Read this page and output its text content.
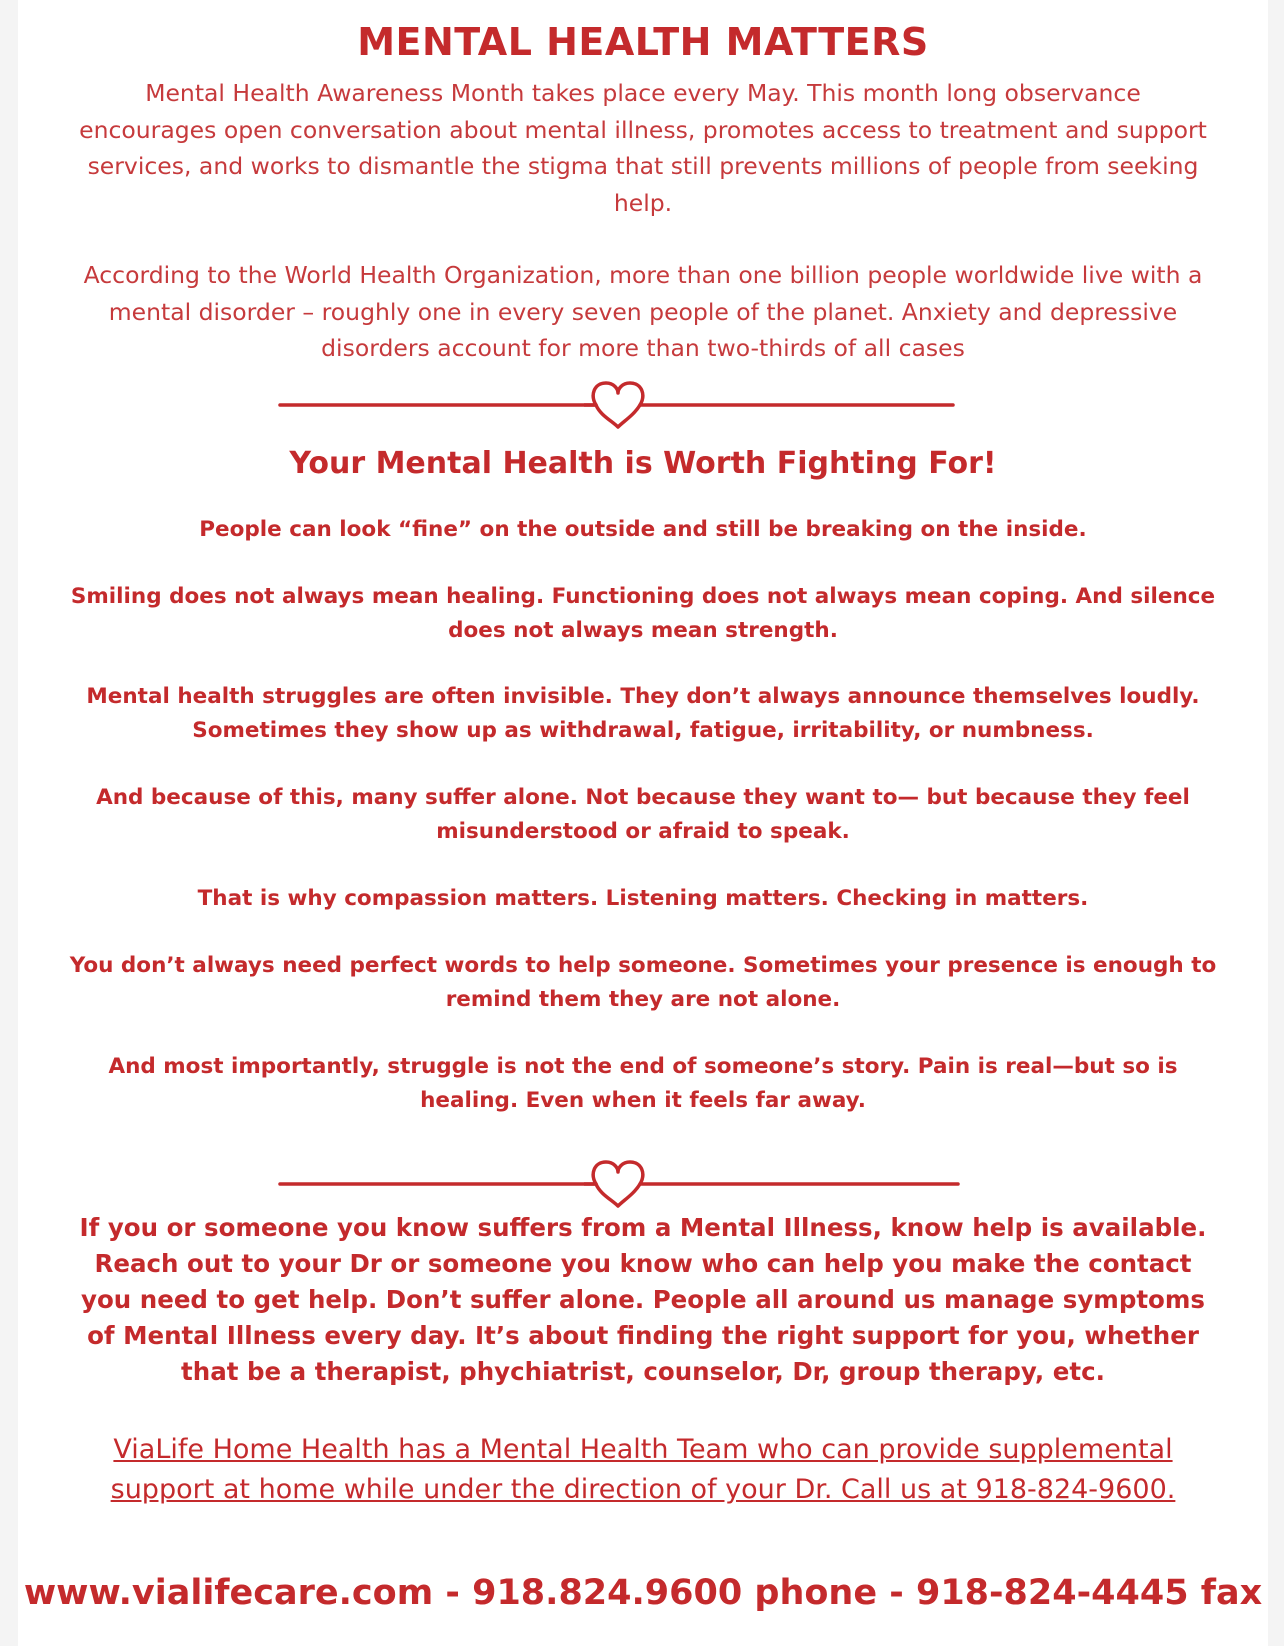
MENTAL HEALTH MATTERS
Mental Health Awareness Month takes place every May. This month long observance encourages open conversation about mental illness, promotes access to treatment and support services, and works to dismantle the stigma that still prevents millions of people from seeking help.
According to the World Health Organization, more than one billion people worldwide live with a mental disorder – roughly one in every seven people of the planet. Anxiety and depressive disorders account for more than two-thirds of all cases
Your Mental Health is Worth Fighting For!
People can look “fine” on the outside and still be breaking on the inside.
Smiling does not always mean healing. Functioning does not always mean coping. And silence does not always mean strength.
Mental health struggles are often invisible. They don’t always announce themselves loudly. Sometimes they show up as withdrawal, fatigue, irritability, or numbness.
And because of this, many suffer alone. Not because they want to— but because they feel misunderstood or afraid to speak.
That is why compassion matters. Listening matters. Checking in matters.
You don’t always need perfect words to help someone. Sometimes your presence is enough to remind them they are not alone.
And most importantly, struggle is not the end of someone’s story. Pain is real—but so is healing. Even when it feels far away.
If you or someone you know suffers from a Mental Illness, know help is available. Reach out to your Dr or someone you know who can help you make the contact you need to get help. Don’t suffer alone. People all around us manage symptoms of Mental Illness every day. It’s about finding the right support for you, whether that be a therapist, phychiatrist, counselor, Dr, group therapy, etc.
ViaLife Home Health has a Mental Health Team who can provide supplemental support at home while under the direction of your Dr. Call us at 918-824-9600.
www.vialifecare.com - 918.824.9600 phone - 918-824-4445 fax
